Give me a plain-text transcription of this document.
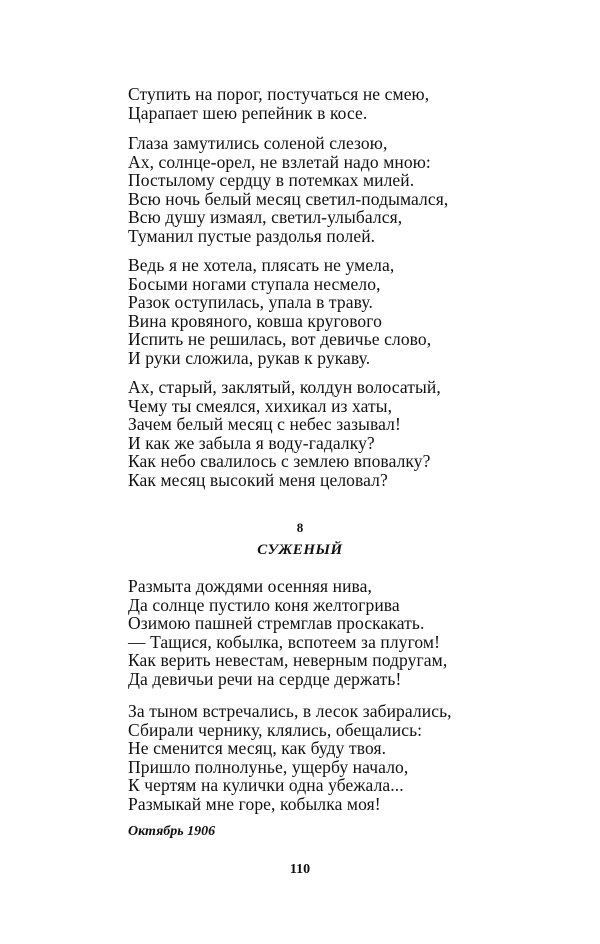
Ступить на порог, постучаться не смею,
Царапает шею репейник в косе.
Глаза замутились соленой слезою,
Ах, солнце-орел, не взлетай надо мною:
Постылому сердцу в потемках милей.
Всю ночь белый месяц светил-подымался,
Всю душу измаял, светил-улыбался,
Туманил пустые раздолья полей.
Ведь я не хотела, плясать не умела,
Босыми ногами ступала несмело,
Разок оступилась, упала в траву.
Вина кровяного, ковша кругового
Испить не решилась, вот девичье слово,
И руки сложила, рукав к рукаву.
Ах, старый, заклятый, колдун волосатый,
Чему ты смеялся, хихикал из хаты,
Зачем белый месяц с небес зазывал!
И как же забыла я воду-гадалку?
Как небо свалилось с землею вповалку?
Как месяц высокий меня целовал?
8
СУЖЕНЫЙ
Размыта дождями осенняя нива,
Да солнце пустило коня желтогрива
Озимою пашней стремглав проскакать.
— Тащися, кобылка, вспотеем за плугом!
Как верить невестам, неверным подругам,
Да девичьи речи на сердце держать!
За тыном встречались, в лесок забирались,
Сбирали чернику, клялись, обещались:
Не сменится месяц, как буду твоя.
Пришло полнолунье, ущербу начало,
К чертям на кулички одна убежала...
Размыкай мне горе, кобылка моя!
Октябрь 1906
110
